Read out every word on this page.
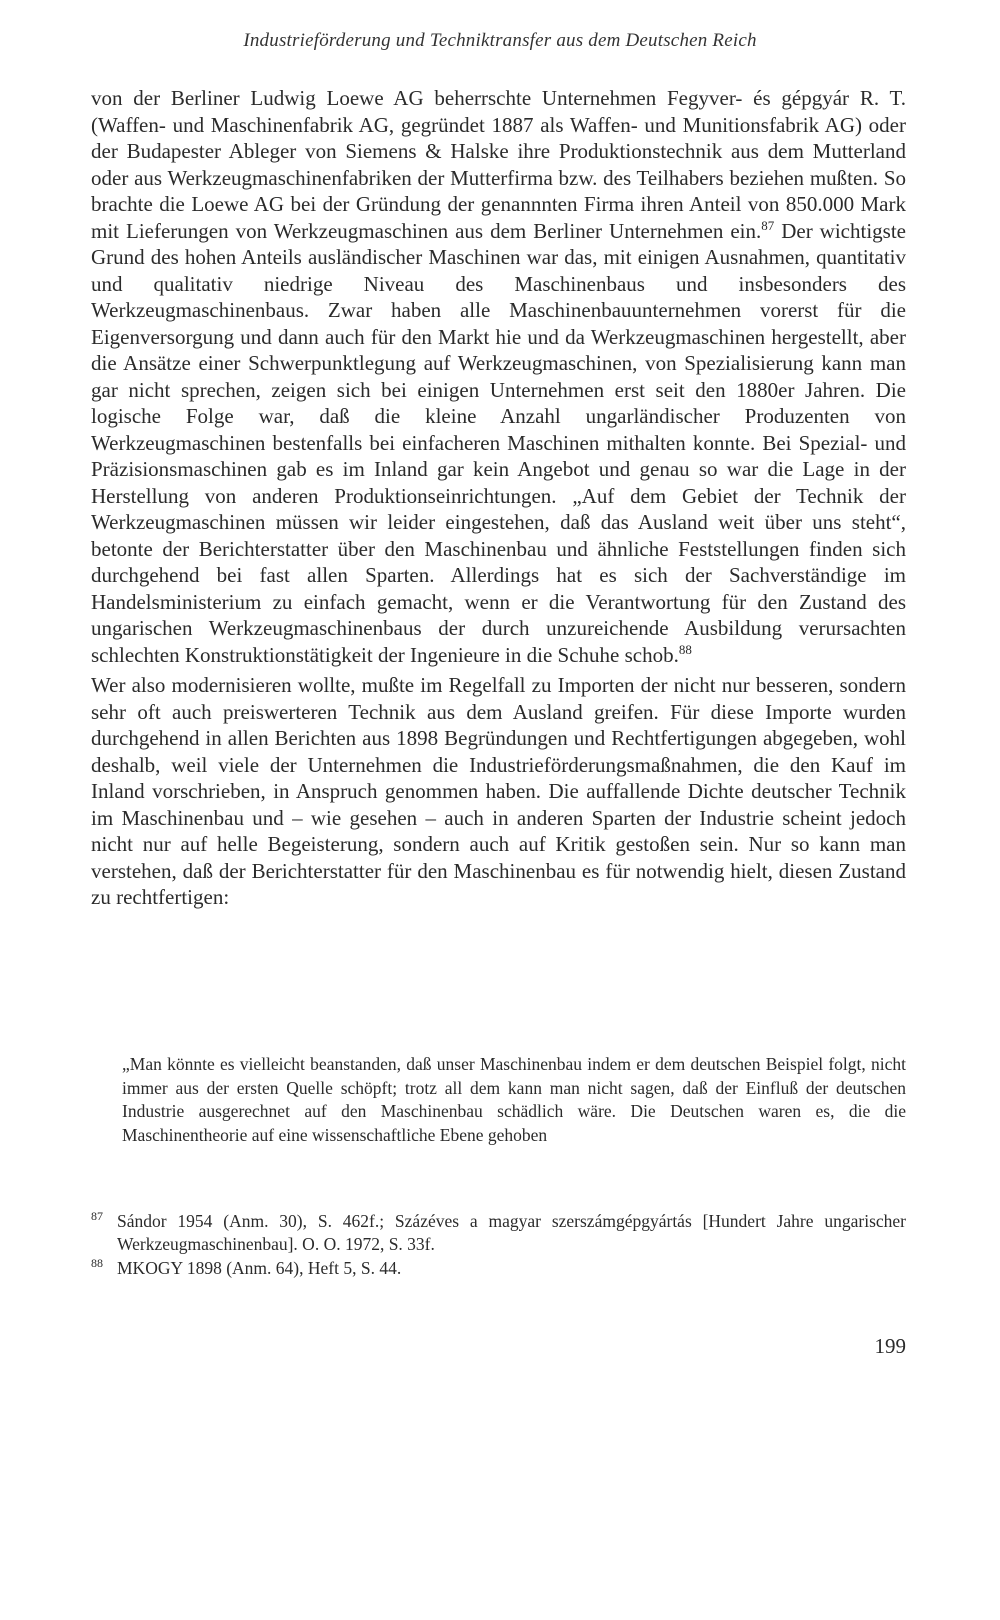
Industrieförderung und Techniktransfer aus dem Deutschen Reich

von der Berliner Ludwig Loewe AG beherrschte Unternehmen Fegyver- és gépgyár R. T. (Waffen- und Maschinenfabrik AG, gegründet 1887 als Waffen- und Munitionsfabrik AG) oder der Budapester Ableger von Siemens & Halske ihre Produktionstechnik aus dem Mutterland oder aus Werkzeugmaschinenfabriken der Mutterfirma bzw. des Teilhabers beziehen mußten. So brachte die Loewe AG bei der Gründung der genannnten Firma ihren Anteil von 850.000 Mark mit Lieferungen von Werkzeugmaschinen aus dem Berliner Unternehmen ein.$^{87}$ Der wichtigste Grund des hohen Anteils ausländischer Maschinen war das, mit einigen Ausnahmen, quantitativ und qualitativ niedrige Niveau des Maschinenbaus und insbesonders des Werkzeugmaschinenbaus. Zwar haben alle Maschinenbauunternehmen vorerst für die Eigenversorgung und dann auch für den Markt hie und da Werkzeugmaschinen hergestellt, aber die Ansätze einer Schwerpunktlegung auf Werkzeugmaschinen, von Spezialisierung kann man gar nicht sprechen, zeigen sich bei einigen Unternehmen erst seit den 1880er Jahren. Die logische Folge war, daß die kleine Anzahl ungarländischer Produzenten von Werkzeugmaschinen bestenfalls bei einfacheren Maschinen mithalten konnte. Bei Spezial- und Präzisionsmaschinen gab es im Inland gar kein Angebot und genau so war die Lage in der Herstellung von anderen Produktionseinrichtungen. „Auf dem Gebiet der Technik der Werkzeugmaschinen müssen wir leider eingestehen, daß das Ausland weit über uns steht“, betonte der Berichterstatter über den Maschinenbau und ähnliche Feststellungen finden sich durchgehend bei fast allen Sparten. Allerdings hat es sich der Sachverständige im Handelsministerium zu einfach gemacht, wenn er die Verantwortung für den Zustand des ungarischen Werkzeugmaschinenbaus der durch unzureichende Ausbildung verursachten schlechten Konstruktionstätigkeit der Ingenieure in die Schuhe schob.$^{88}$

Wer also modernisieren wollte, mußte im Regelfall zu Importen der nicht nur besseren, sondern sehr oft auch preiswerteren Technik aus dem Ausland greifen. Für diese Importe wurden durchgehend in allen Berichten aus 1898 Begründungen und Rechtfertigungen abgegeben, wohl deshalb, weil viele der Unternehmen die Industrieförderungsmaßnahmen, die den Kauf im Inland vorschrieben, in Anspruch genommen haben. Die auffallende Dichte deutscher Technik im Maschinenbau und – wie gesehen – auch in anderen Sparten der Industrie scheint jedoch nicht nur auf helle Begeisterung, sondern auch auf Kritik gestoßen sein. Nur so kann man verstehen, daß der Berichterstatter für den Maschinenbau es für notwendig hielt, diesen Zustand zu rechtfertigen:

„Man könnte es vielleicht beanstanden, daß unser Maschinenbau indem er dem deutschen Beispiel folgt, nicht immer aus der ersten Quelle schöpft; trotz all dem kann man nicht sagen, daß der Einfluß der deutschen Industrie ausgerechnet auf den Maschinenbau schädlich wäre. Die Deutschen waren es, die die Maschinentheorie auf eine wissenschaftliche Ebene gehoben

87 Sándor 1954 (Anm. 30), S. 462f.; Százéves a magyar szerszámgépgyártás [Hundert Jahre ungarischer Werkzeugmaschinenbau]. O. O. 1972, S. 33f.

88 MKOGY 1898 (Anm. 64), Heft 5, S. 44.

199
